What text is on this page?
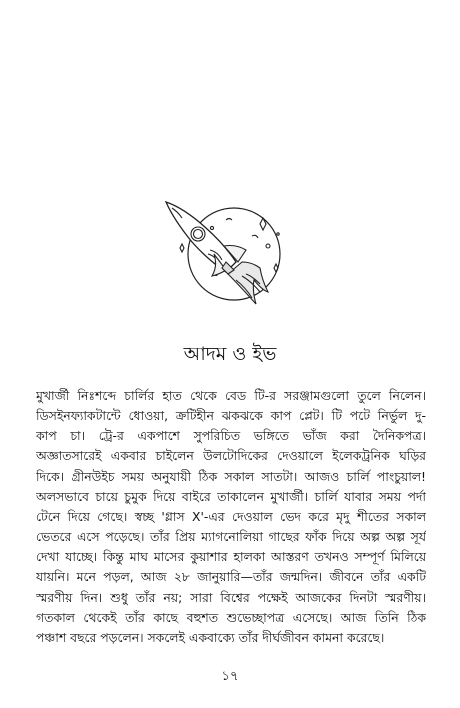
আদম ও ইভ
মুখার্জী নিঃশব্দে চার্লির হাত থেকে বেড টি-র সরঞ্জামগুলো তুলে নিলেন।
ডিসইনফ্যাকটান্টে ধোওয়া, ক্রটিহীন ঝকঝকে কাপ প্লেট। টি পটে নির্ভুল দু-
কাপ চা। ট্রে-র একপাশে সুপরিচিত ভঙ্গিতে ভাঁজ করা দৈনিকপত্র।
অজ্ঞাতসারেই একবার চাইলেন উলটোদিকের দেওয়ালে ইলেকট্রনিক ঘড়ির
দিকে। গ্রীনউইচ সময় অনুযায়ী ঠিক সকাল সাতটা। আজও চার্লি পাংচুয়াল!
অলসভাবে চায়ে চুমুক দিয়ে বাইরে তাকালেন মুখার্জী। চার্লি যাবার সময় পর্দা
টেনে দিয়ে গেছে। স্বচ্ছ 'গ্লাস X'-এর দেওয়াল ভেদ করে মৃদু শীতের সকাল
ভেতরে এসে পড়েছে। তাঁর প্রিয় ম্যাগনোলিয়া গাছের ফাঁক দিয়ে অল্প অল্প সূর্য
দেখা যাচ্ছে। কিন্তু মাঘ মাসের কুয়াশার হালকা আস্তরণ তখনও সম্পূর্ণ মিলিয়ে
যায়নি। মনে পড়ল, আজ ২৮ জানুয়ারি—তাঁর জন্মদিন। জীবনে তাঁর একটি
স্মরণীয় দিন। শুধু তাঁর নয়; সারা বিশ্বের পক্ষেই আজকের দিনটা স্মরণীয়।
গতকাল থেকেই তাঁর কাছে বহুশত শুভেচ্ছাপত্র এসেছে। আজ তিনি ঠিক
পঞ্চাশ বছরে পড়লেন। সকলেই একবাক্যে তাঁর দীর্ঘজীবন কামনা করেছে।
১৭
